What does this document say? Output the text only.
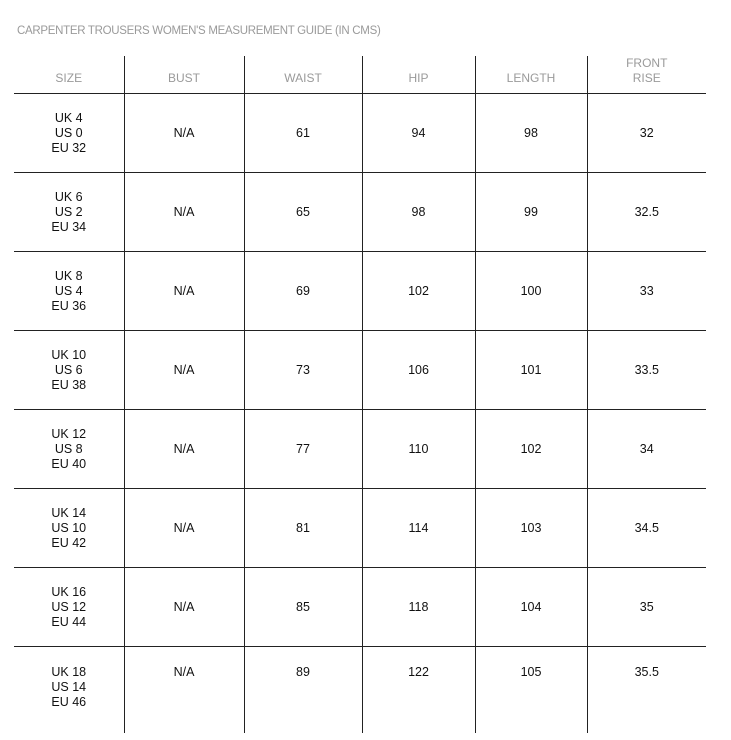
CARPENTER TROUSERS WOMEN'S MEASUREMENT GUIDE (IN CMS)
SIZE	BUST	WAIST	HIP	LENGTH	FRONT
RISE

UK 4
US 0
EU 32	N/A	61	94	98	32

UK 6
US 2
EU 34	N/A	65	98	99	32.5

UK 8
US 4
EU 36	N/A	69	102	100	33

UK 10
US 6
EU 38	N/A	73	106	101	33.5

UK 12
US 8
EU 40	N/A	77	110	102	34

UK 14
US 10
EU 42	N/A	81	114	103	34.5

UK 16
US 12
EU 44	N/A	85	118	104	35

UK 18
US 14
EU 46	N/A	89	122	105	35.5
